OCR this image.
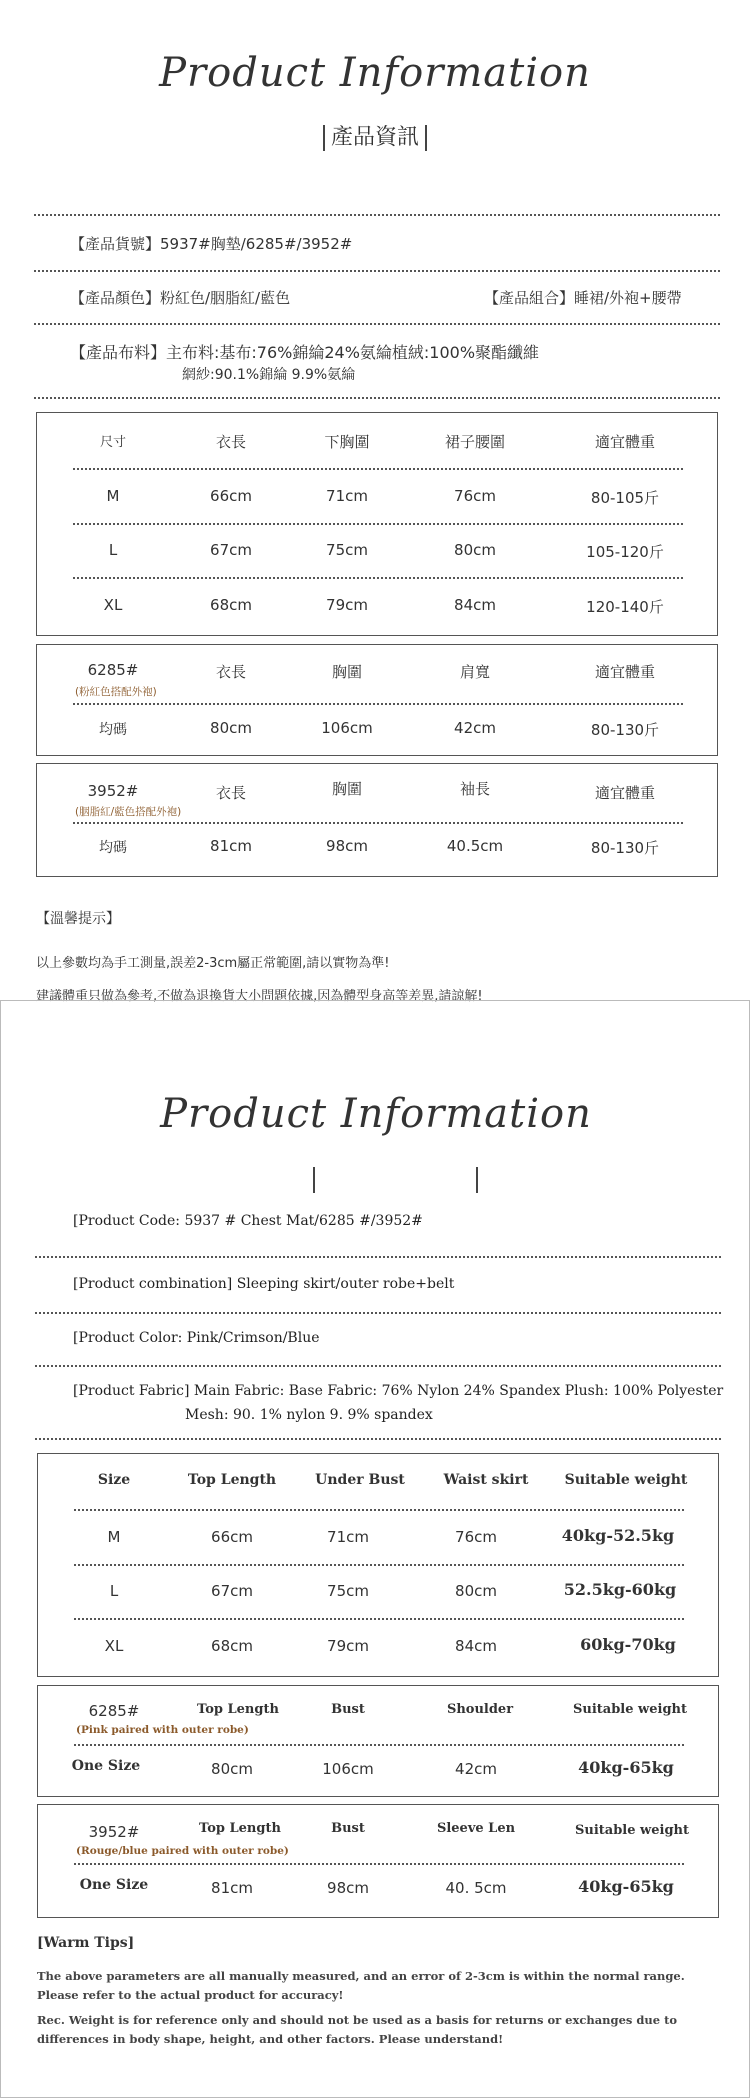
Product Information
產品資訊
【產品貨號】5937#胸墊/6285#/3952#
【產品顏色】粉紅色/胭脂紅/藍色	【產品組合】睡裙/外袍+腰帶
【產品布料】主布料:基布:76%錦綸24%氨綸植絨:100%聚酯纖維
網紗:90.1%錦綸 9.9%氨綸
尺寸	衣長	下胸圍	裙子腰圍	適宜體重
M	66cm	71cm	76cm	80-105斤
L	67cm	75cm	80cm	105-120斤
XL	68cm	79cm	84cm	120-140斤
6285#	衣長	胸圍	肩寬	適宜體重
(粉紅色搭配外袍)
均碼	80cm	106cm	42cm	80-130斤
3952#	衣長	胸圍	袖長	適宜體重
(胭脂紅/藍色搭配外袍)
均碼	81cm	98cm	40.5cm	80-130斤
【溫馨提示】
以上參數均為手工測量,誤差2-3cm屬正常範圍,請以實物為準!
建議體重只做為參考,不做為退換貨大小問題依據,因為體型身高等差異,請諒解!
Product Information
[Product Code: 5937 # Chest Mat/6285 #/3952#
[Product combination] Sleeping skirt/outer robe+belt
[Product Color: Pink/Crimson/Blue
[Product Fabric] Main Fabric: Base Fabric: 76% Nylon 24% Spandex Plush: 100% Polyester
Mesh: 90. 1% nylon 9. 9% spandex
Size	Top Length	Under Bust	Waist skirt	Suitable weight
M	66cm	71cm	76cm	40kg-52.5kg
L	67cm	75cm	80cm	52.5kg-60kg
XL	68cm	79cm	84cm	60kg-70kg
6285#	Top Length	Bust	Shoulder	Suitable weight
(Pink paired with outer robe)
One Size	80cm	106cm	42cm	40kg-65kg
3952#	Top Length	Bust	Sleeve Len	Suitable weight
(Rouge/blue paired with outer robe)
One Size	81cm	98cm	40. 5cm	40kg-65kg
[Warm Tips]
The above parameters are all manually measured, and an error of 2-3cm is within the normal range. Please refer to the actual product for accuracy!
Rec. Weight is for reference only and should not be used as a basis for returns or exchanges due to differences in body shape, height, and other factors. Please understand!
